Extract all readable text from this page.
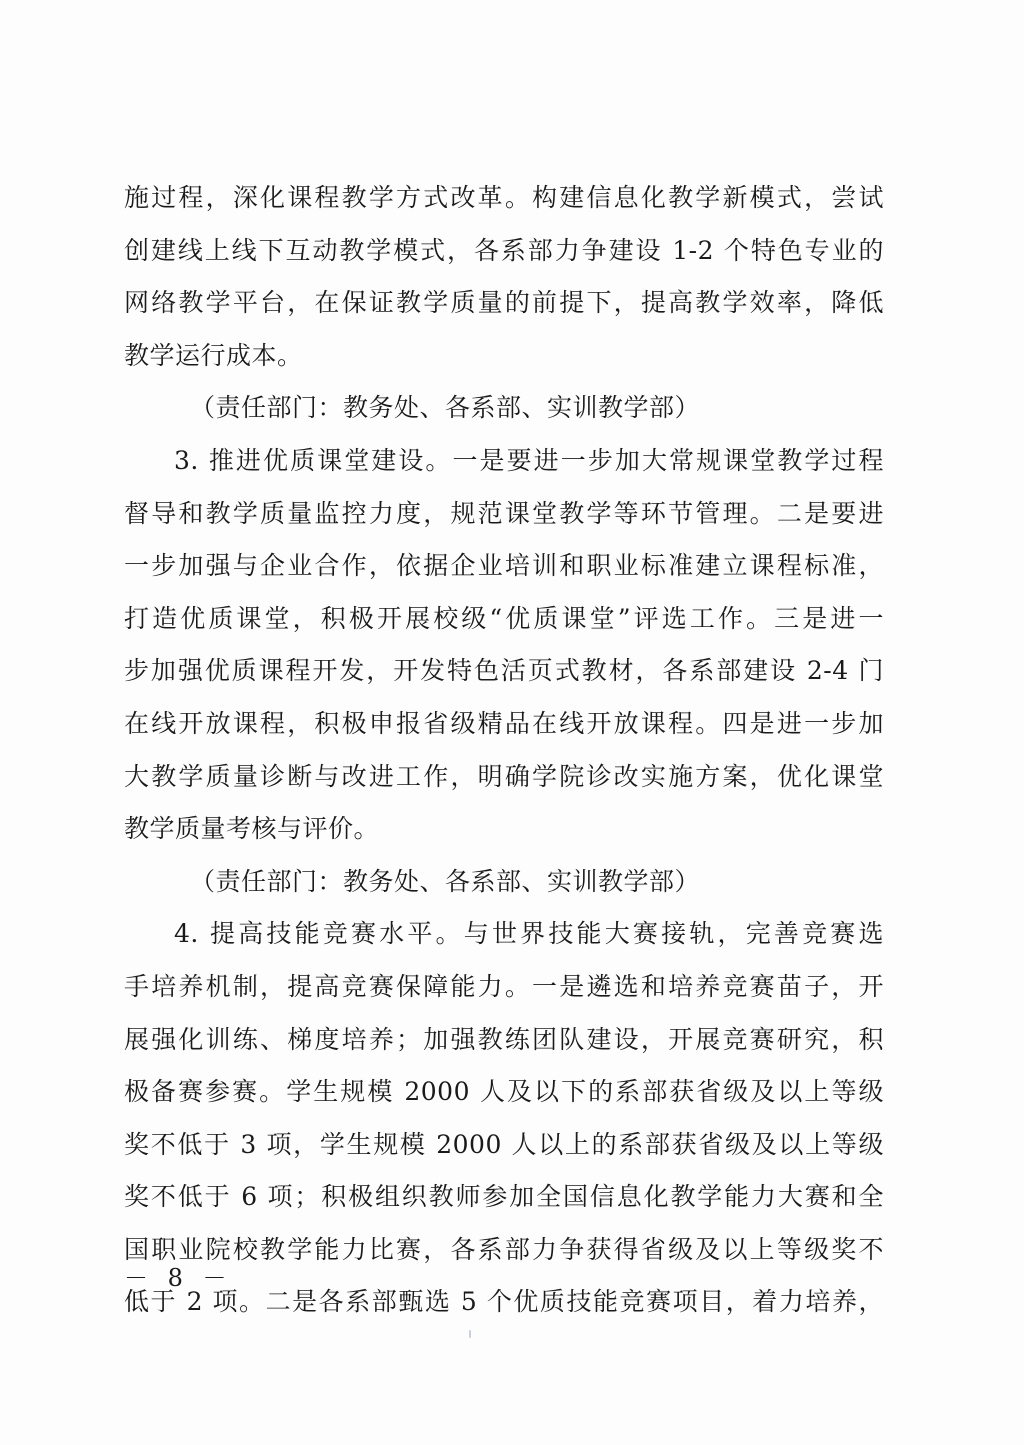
施过程，深化课程教学方式改革。构建信息化教学新模式，尝试
创建线上线下互动教学模式，各系部力争建设 1-2 个特色专业的
网络教学平台，在保证教学质量的前提下，提高教学效率，降低
教学运行成本。
（责任部门：教务处、各系部、实训教学部）
3. 推进优质课堂建设。一是要进一步加大常规课堂教学过程
督导和教学质量监控力度，规范课堂教学等环节管理。二是要进
一步加强与企业合作，依据企业培训和职业标准建立课程标准，
打造优质课堂，积极开展校级“优质课堂”评选工作。三是进一
步加强优质课程开发，开发特色活页式教材，各系部建设 2-4 门
在线开放课程，积极申报省级精品在线开放课程。四是进一步加
大教学质量诊断与改进工作，明确学院诊改实施方案，优化课堂
教学质量考核与评价。
（责任部门：教务处、各系部、实训教学部）
4. 提高技能竞赛水平。与世界技能大赛接轨，完善竞赛选
手培养机制，提高竞赛保障能力。一是遴选和培养竞赛苗子，开
展强化训练、梯度培养；加强教练团队建设，开展竞赛研究，积
极备赛参赛。学生规模 2000 人及以下的系部获省级及以上等级
奖不低于 3 项，学生规模 2000 人以上的系部获省级及以上等级
奖不低于 6 项；积极组织教师参加全国信息化教学能力大赛和全
国职业院校教学能力比赛，各系部力争获得省级及以上等级奖不
低于 2 项。二是各系部甄选 5 个优质技能竞赛项目，着力培养，
－ 8 －
